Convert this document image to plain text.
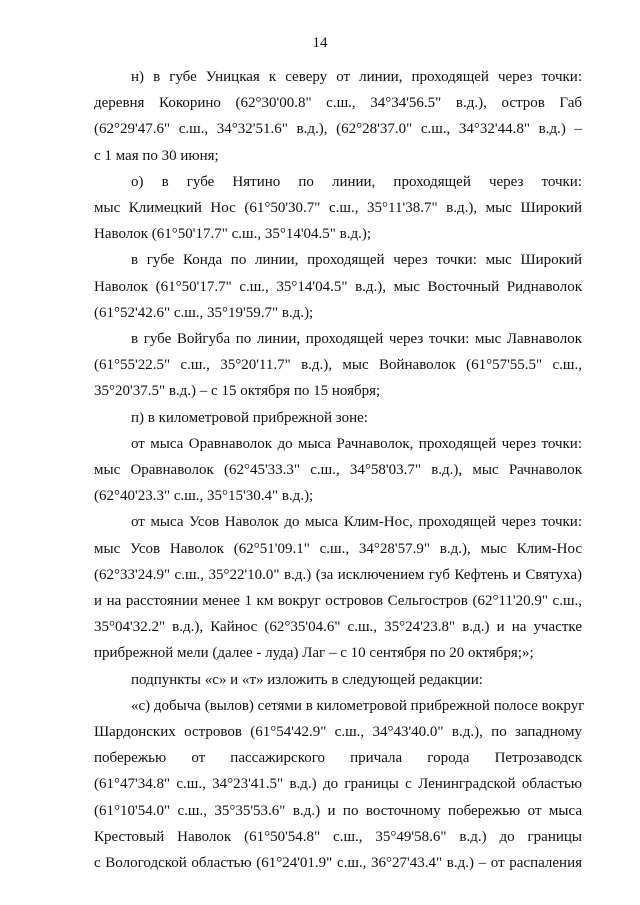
14

н) в губе Уницкая к северу от линии, проходящей через точки:
деревня Кокорино (62°30'00.8" с.ш., 34°34'56.5" в.д.), остров Габ
(62°29'47.6" с.ш., 34°32'51.6" в.д.), (62°28'37.0" с.ш., 34°32'44.8" в.д.) –
с 1 мая по 30 июня;

о) в губе Нятино по линии, проходящей через точки:
мыс Климецкий Нос (61°50'30.7" с.ш., 35°11'38.7" в.д.), мыс Широкий
Наволок (61°50'17.7" с.ш., 35°14'04.5" в.д.);

в губе Конда по линии, проходящей через точки: мыс Широкий
Наволок (61°50'17.7" с.ш., 35°14'04.5" в.д.), мыс Восточный Риднаволок
(61°52'42.6" с.ш., 35°19'59.7" в.д.);

в губе Войгуба по линии, проходящей через точки: мыс Лавнаволок
(61°55'22.5" с.ш., 35°20'11.7" в.д.), мыс Войнаволок (61°57'55.5" с.ш.,
35°20'37.5" в.д.) – с 15 октября по 15 ноября;

п) в километровой прибрежной зоне:

от мыса Оравнаволок до мыса Рачнаволок, проходящей через точки:
мыс Оравнаволок (62°45'33.3" с.ш., 34°58'03.7" в.д.), мыс Рачнаволок
(62°40'23.3" с.ш., 35°15'30.4" в.д.);

от мыса Усов Наволок до мыса Клим-Нос, проходящей через точки:
мыс Усов Наволок (62°51'09.1" с.ш., 34°28'57.9" в.д.), мыс Клим-Нос
(62°33'24.9" с.ш., 35°22'10.0" в.д.) (за исключением губ Кефтень и Святуха)
и на расстоянии менее 1 км вокруг островов Сельгостров (62°11'20.9" с.ш.,
35°04'32.2" в.д.), Кайнос (62°35'04.6" с.ш., 35°24'23.8" в.д.) и на участке
прибрежной мели (далее - луда) Лаг – с 10 сентября по 20 октября;»;

подпункты «с» и «т» изложить в следующей редакции:

«с) добыча (вылов) сетями в километровой прибрежной полосе вокруг
Шардонских островов (61°54'42.9" с.ш., 34°43'40.0" в.д.), по западному
побережью от пассажирского причала города Петрозаводск
(61°47'34.8" с.ш., 34°23'41.5" в.д.) до границы с Ленинградской областью
(61°10'54.0" с.ш., 35°35'53.6" в.д.) и по восточному побережью от мыса
Крестовый Наволок (61°50'54.8" с.ш., 35°49'58.6" в.д.) до границы
с Вологодской областью (61°24'01.9" с.ш., 36°27'43.4" в.д.) – от распаления
